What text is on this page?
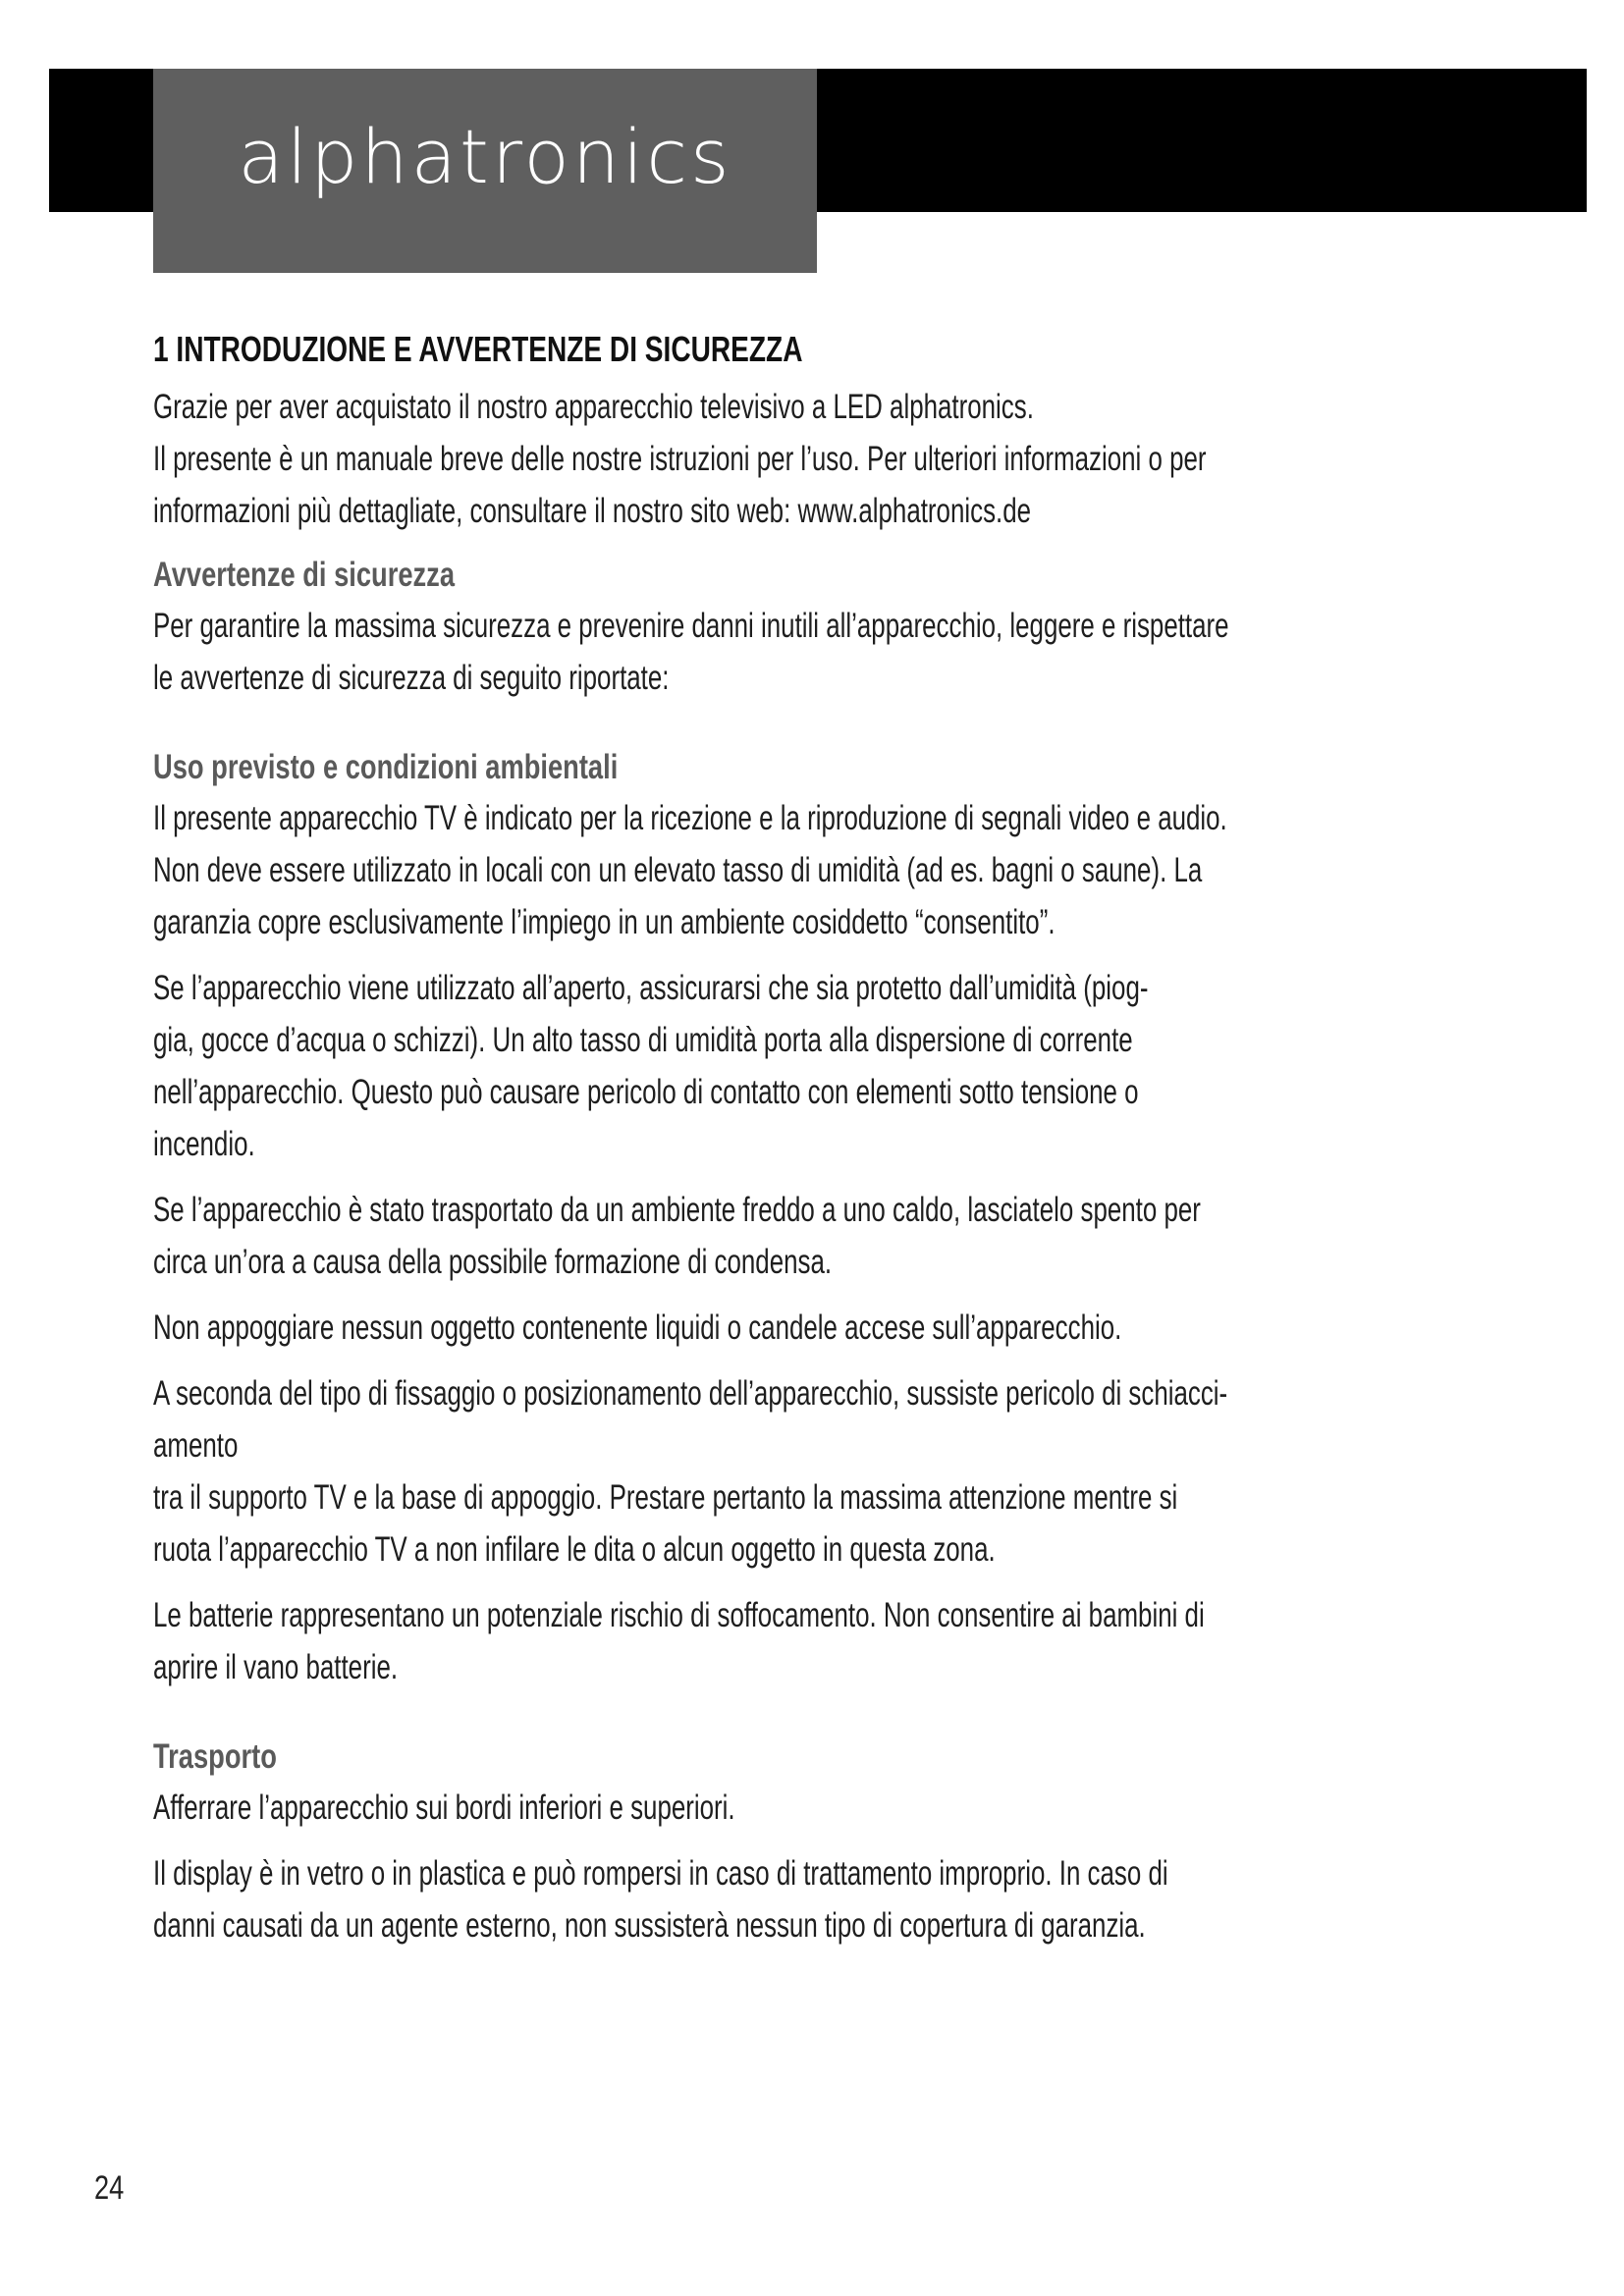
alphatronics
1 INTRODUZIONE E AVVERTENZE DI SICUREZZA
Grazie per aver acquistato il nostro apparecchio televisivo a LED alphatronics.
Il presente è un manuale breve delle nostre istruzioni per l’uso. Per ulteriori informazioni o per
informazioni più dettagliate, consultare il nostro sito web: www.alphatronics.de
Avvertenze di sicurezza
Per garantire la massima sicurezza e prevenire danni inutili all’apparecchio, leggere e rispettare
le avvertenze di sicurezza di seguito riportate:
Uso previsto e condizioni ambientali
Il presente apparecchio TV è indicato per la ricezione e la riproduzione di segnali video e audio.
Non deve essere utilizzato in locali con un elevato tasso di umidità (ad es. bagni o saune). La
garanzia copre esclusivamente l’impiego in un ambiente cosiddetto “consentito”.
Se l’apparecchio viene utilizzato all’aperto, assicurarsi che sia protetto dall’umidità (piog-
gia, gocce d’acqua o schizzi). Un alto tasso di umidità porta alla dispersione di corrente
nell’apparecchio. Questo può causare pericolo di contatto con elementi sotto tensione o
incendio.
Se l’apparecchio è stato trasportato da un ambiente freddo a uno caldo, lasciatelo spento per
circa un’ora a causa della possibile formazione di condensa.
Non appoggiare nessun oggetto contenente liquidi o candele accese sull’apparecchio.
A seconda del tipo di fissaggio o posizionamento dell’apparecchio, sussiste pericolo di schiacci-
amento
tra il supporto TV e la base di appoggio. Prestare pertanto la massima attenzione mentre si
ruota l’apparecchio TV a non infilare le dita o alcun oggetto in questa zona.
Le batterie rappresentano un potenziale rischio di soffocamento. Non consentire ai bambini di
aprire il vano batterie.
Trasporto
Afferrare l’apparecchio sui bordi inferiori e superiori.
Il display è in vetro o in plastica e può rompersi in caso di trattamento improprio. In caso di
danni causati da un agente esterno, non sussisterà nessun tipo di copertura di garanzia.
24
